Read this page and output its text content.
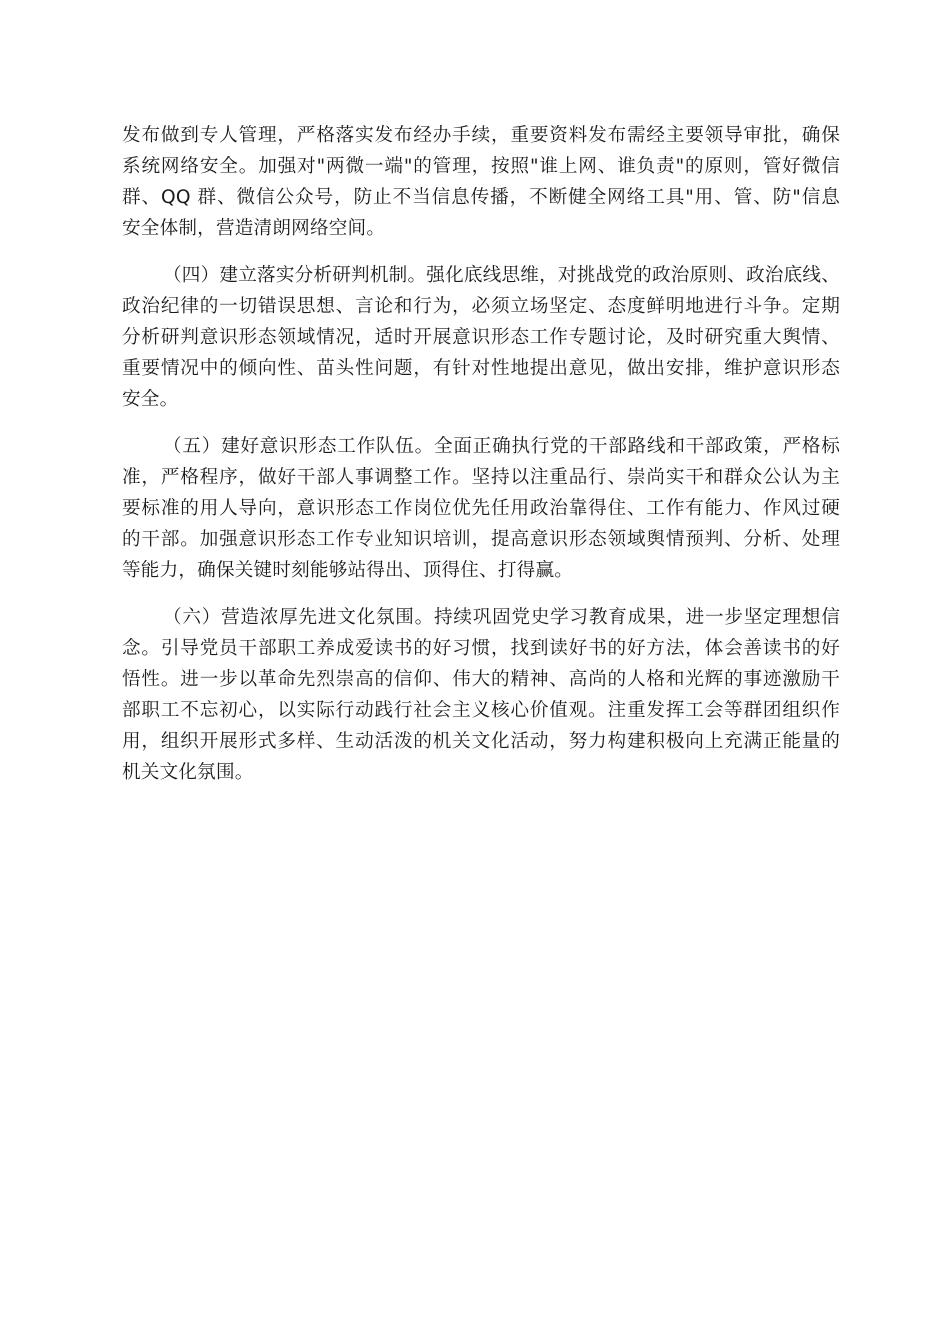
发布做到专人管理，严格落实发布经办手续，重要资料发布需经主要领导审批，确保
系统网络安全。加强对"两微一端"的管理，按照"谁上网、谁负责"的原则，管好微信
群、QQ 群、微信公众号，防止不当信息传播，不断健全网络工具"用、管、防"信息
安全体制，营造清朗网络空间。

（四）建立落实分析研判机制。强化底线思维，对挑战党的政治原则、政治底线、
政治纪律的一切错误思想、言论和行为，必须立场坚定、态度鲜明地进行斗争。定期
分析研判意识形态领域情况，适时开展意识形态工作专题讨论，及时研究重大舆情、
重要情况中的倾向性、苗头性问题，有针对性地提出意见，做出安排，维护意识形态
安全。

（五）建好意识形态工作队伍。全面正确执行党的干部路线和干部政策，严格标
准，严格程序，做好干部人事调整工作。坚持以注重品行、崇尚实干和群众公认为主
要标准的用人导向，意识形态工作岗位优先任用政治靠得住、工作有能力、作风过硬
的干部。加强意识形态工作专业知识培训，提高意识形态领域舆情预判、分析、处理
等能力，确保关键时刻能够站得出、顶得住、打得赢。

（六）营造浓厚先进文化氛围。持续巩固党史学习教育成果，进一步坚定理想信
念。引导党员干部职工养成爱读书的好习惯，找到读好书的好方法，体会善读书的好
悟性。进一步以革命先烈崇高的信仰、伟大的精神、高尚的人格和光辉的事迹激励干
部职工不忘初心，以实际行动践行社会主义核心价值观。注重发挥工会等群团组织作
用，组织开展形式多样、生动活泼的机关文化活动，努力构建积极向上充满正能量的
机关文化氛围。
